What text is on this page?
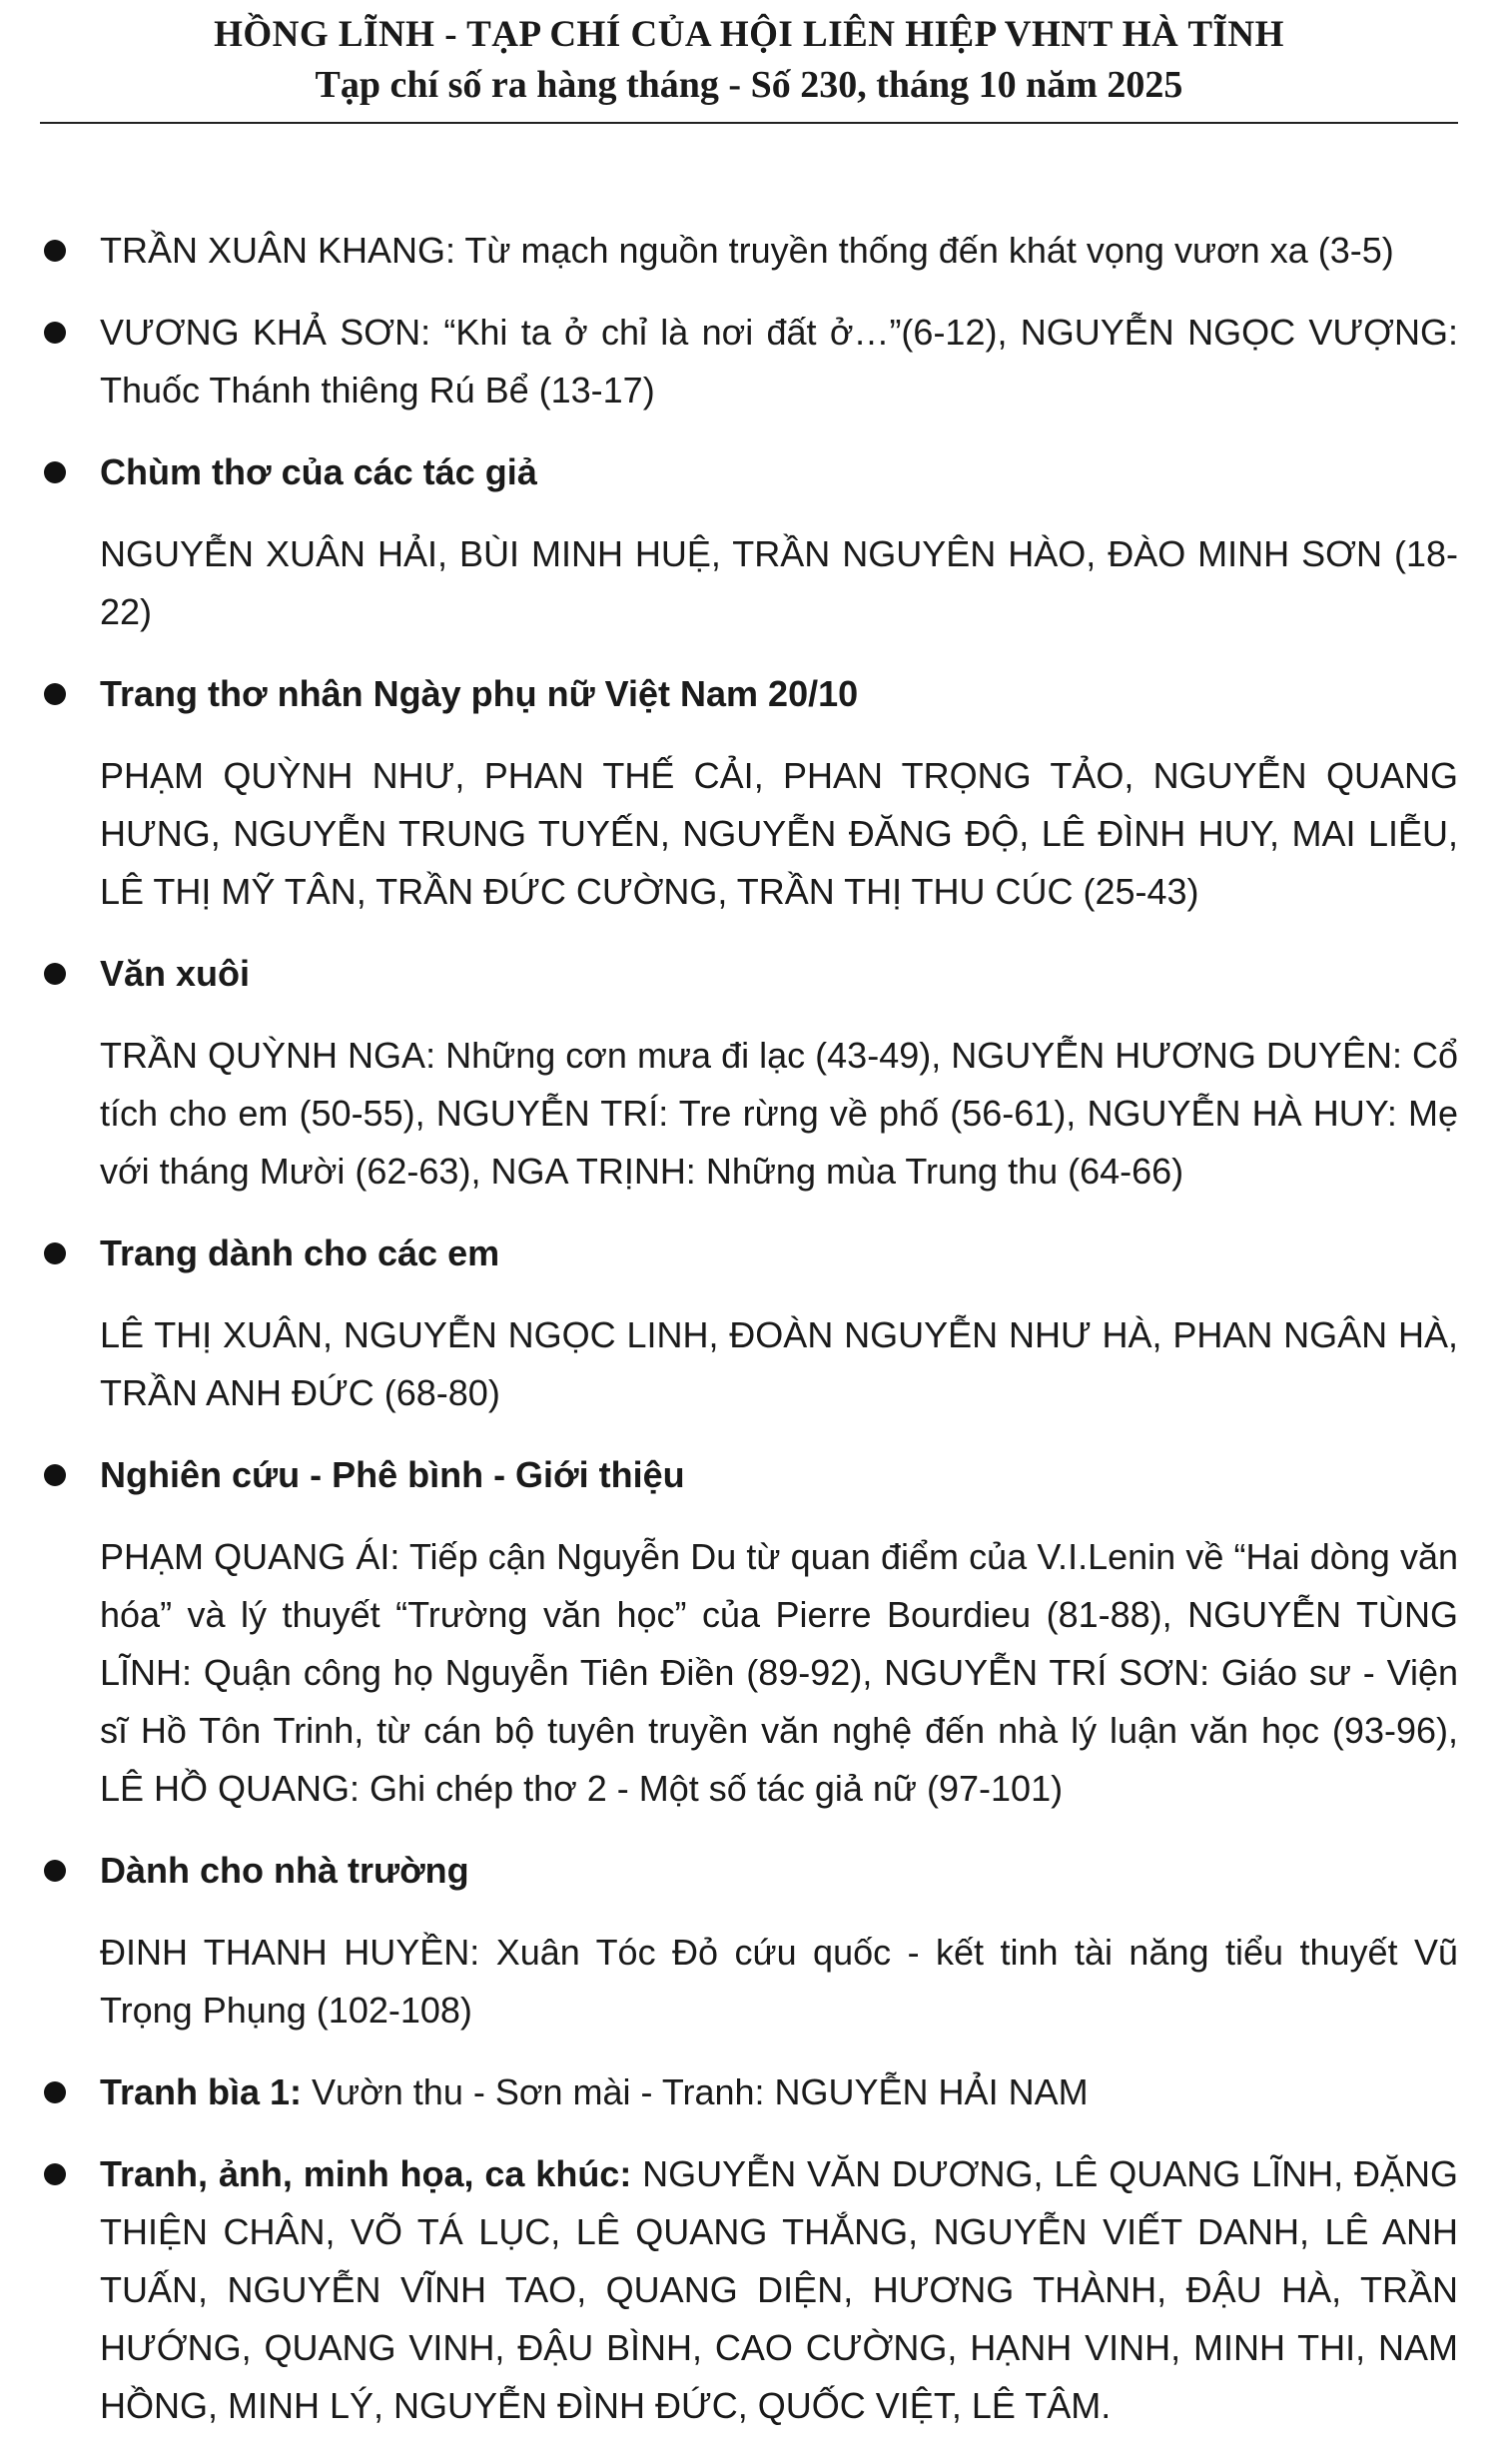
HỒNG LĨNH - TẠP CHÍ CỦA HỘI LIÊN HIỆP VHNT HÀ TĨNH
Tạp chí số ra hàng tháng - Số 230, tháng 10 năm 2025
TRẦN XUÂN KHANG: Từ mạch nguồn truyền thống đến khát vọng vươn xa (3-5)
VƯƠNG KHẢ SƠN: “Khi ta ở chỉ là nơi đất ở…”(6-12), NGUYỄN NGỌC VƯỢNG: Thuốc Thánh thiêng Rú Bể (13-17)
Chùm thơ của các tác giả
NGUYỄN XUÂN HẢI, BÙI MINH HUỆ, TRẦN NGUYÊN HÀO, ĐÀO MINH SƠN (18-22)
Trang thơ nhân Ngày phụ nữ Việt Nam 20/10
PHẠM QUỲNH NHƯ, PHAN THẾ CẢI, PHAN TRỌNG TẢO, NGUYỄN QUANG HƯNG, NGUYỄN TRUNG TUYẾN, NGUYỄN ĐĂNG ĐỘ, LÊ ĐÌNH HUY, MAI LIỄU, LÊ THỊ MỸ TÂN, TRẦN ĐỨC CƯỜNG, TRẦN THỊ THU CÚC (25-43)
Văn xuôi
TRẦN QUỲNH NGA: Những cơn mưa đi lạc (43-49), NGUYỄN HƯƠNG DUYÊN: Cổ tích cho em (50-55), NGUYỄN TRÍ: Tre rừng về phố (56-61), NGUYỄN HÀ HUY: Mẹ với tháng Mười (62-63), NGA TRỊNH: Những mùa Trung thu (64-66)
Trang dành cho các em
LÊ THỊ XUÂN, NGUYỄN NGỌC LINH, ĐOÀN NGUYỄN NHƯ HÀ, PHAN NGÂN HÀ, TRẦN ANH ĐỨC (68-80)
Nghiên cứu - Phê bình - Giới thiệu
PHẠM QUANG ÁI: Tiếp cận Nguyễn Du từ quan điểm của V.I.Lenin về “Hai dòng văn hóa” và lý thuyết “Trường văn học” của Pierre Bourdieu (81-88), NGUYỄN TÙNG LĨNH: Quận công họ Nguyễn Tiên Điền (89-92), NGUYỄN TRÍ SƠN: Giáo sư - Viện sĩ Hồ Tôn Trinh, từ cán bộ tuyên truyền văn nghệ đến nhà lý luận văn học (93-96), LÊ HỒ QUANG: Ghi chép thơ 2 - Một số tác giả nữ (97-101)
Dành cho nhà trường
ĐINH THANH HUYỀN: Xuân Tóc Đỏ cứu quốc - kết tinh tài năng tiểu thuyết Vũ Trọng Phụng (102-108)
Tranh bìa 1: Vườn thu - Sơn mài - Tranh: NGUYỄN HẢI NAM
Tranh, ảnh, minh họa, ca khúc: NGUYỄN VĂN DƯƠNG, LÊ QUANG LĨNH, ĐẶNG THIỆN CHÂN, VÕ TÁ LỤC, LÊ QUANG THẮNG, NGUYỄN VIẾT DANH, LÊ ANH TUẤN, NGUYỄN VĨNH TAO, QUANG DIỆN, HƯƠNG THÀNH, ĐẬU HÀ, TRẦN HƯỚNG, QUANG VINH, ĐẬU BÌNH, CAO CƯỜNG, HẠNH VINH, MINH THI, NAM HỒNG, MINH LÝ, NGUYỄN ĐÌNH ĐỨC, QUỐC VIỆT, LÊ TÂM.
